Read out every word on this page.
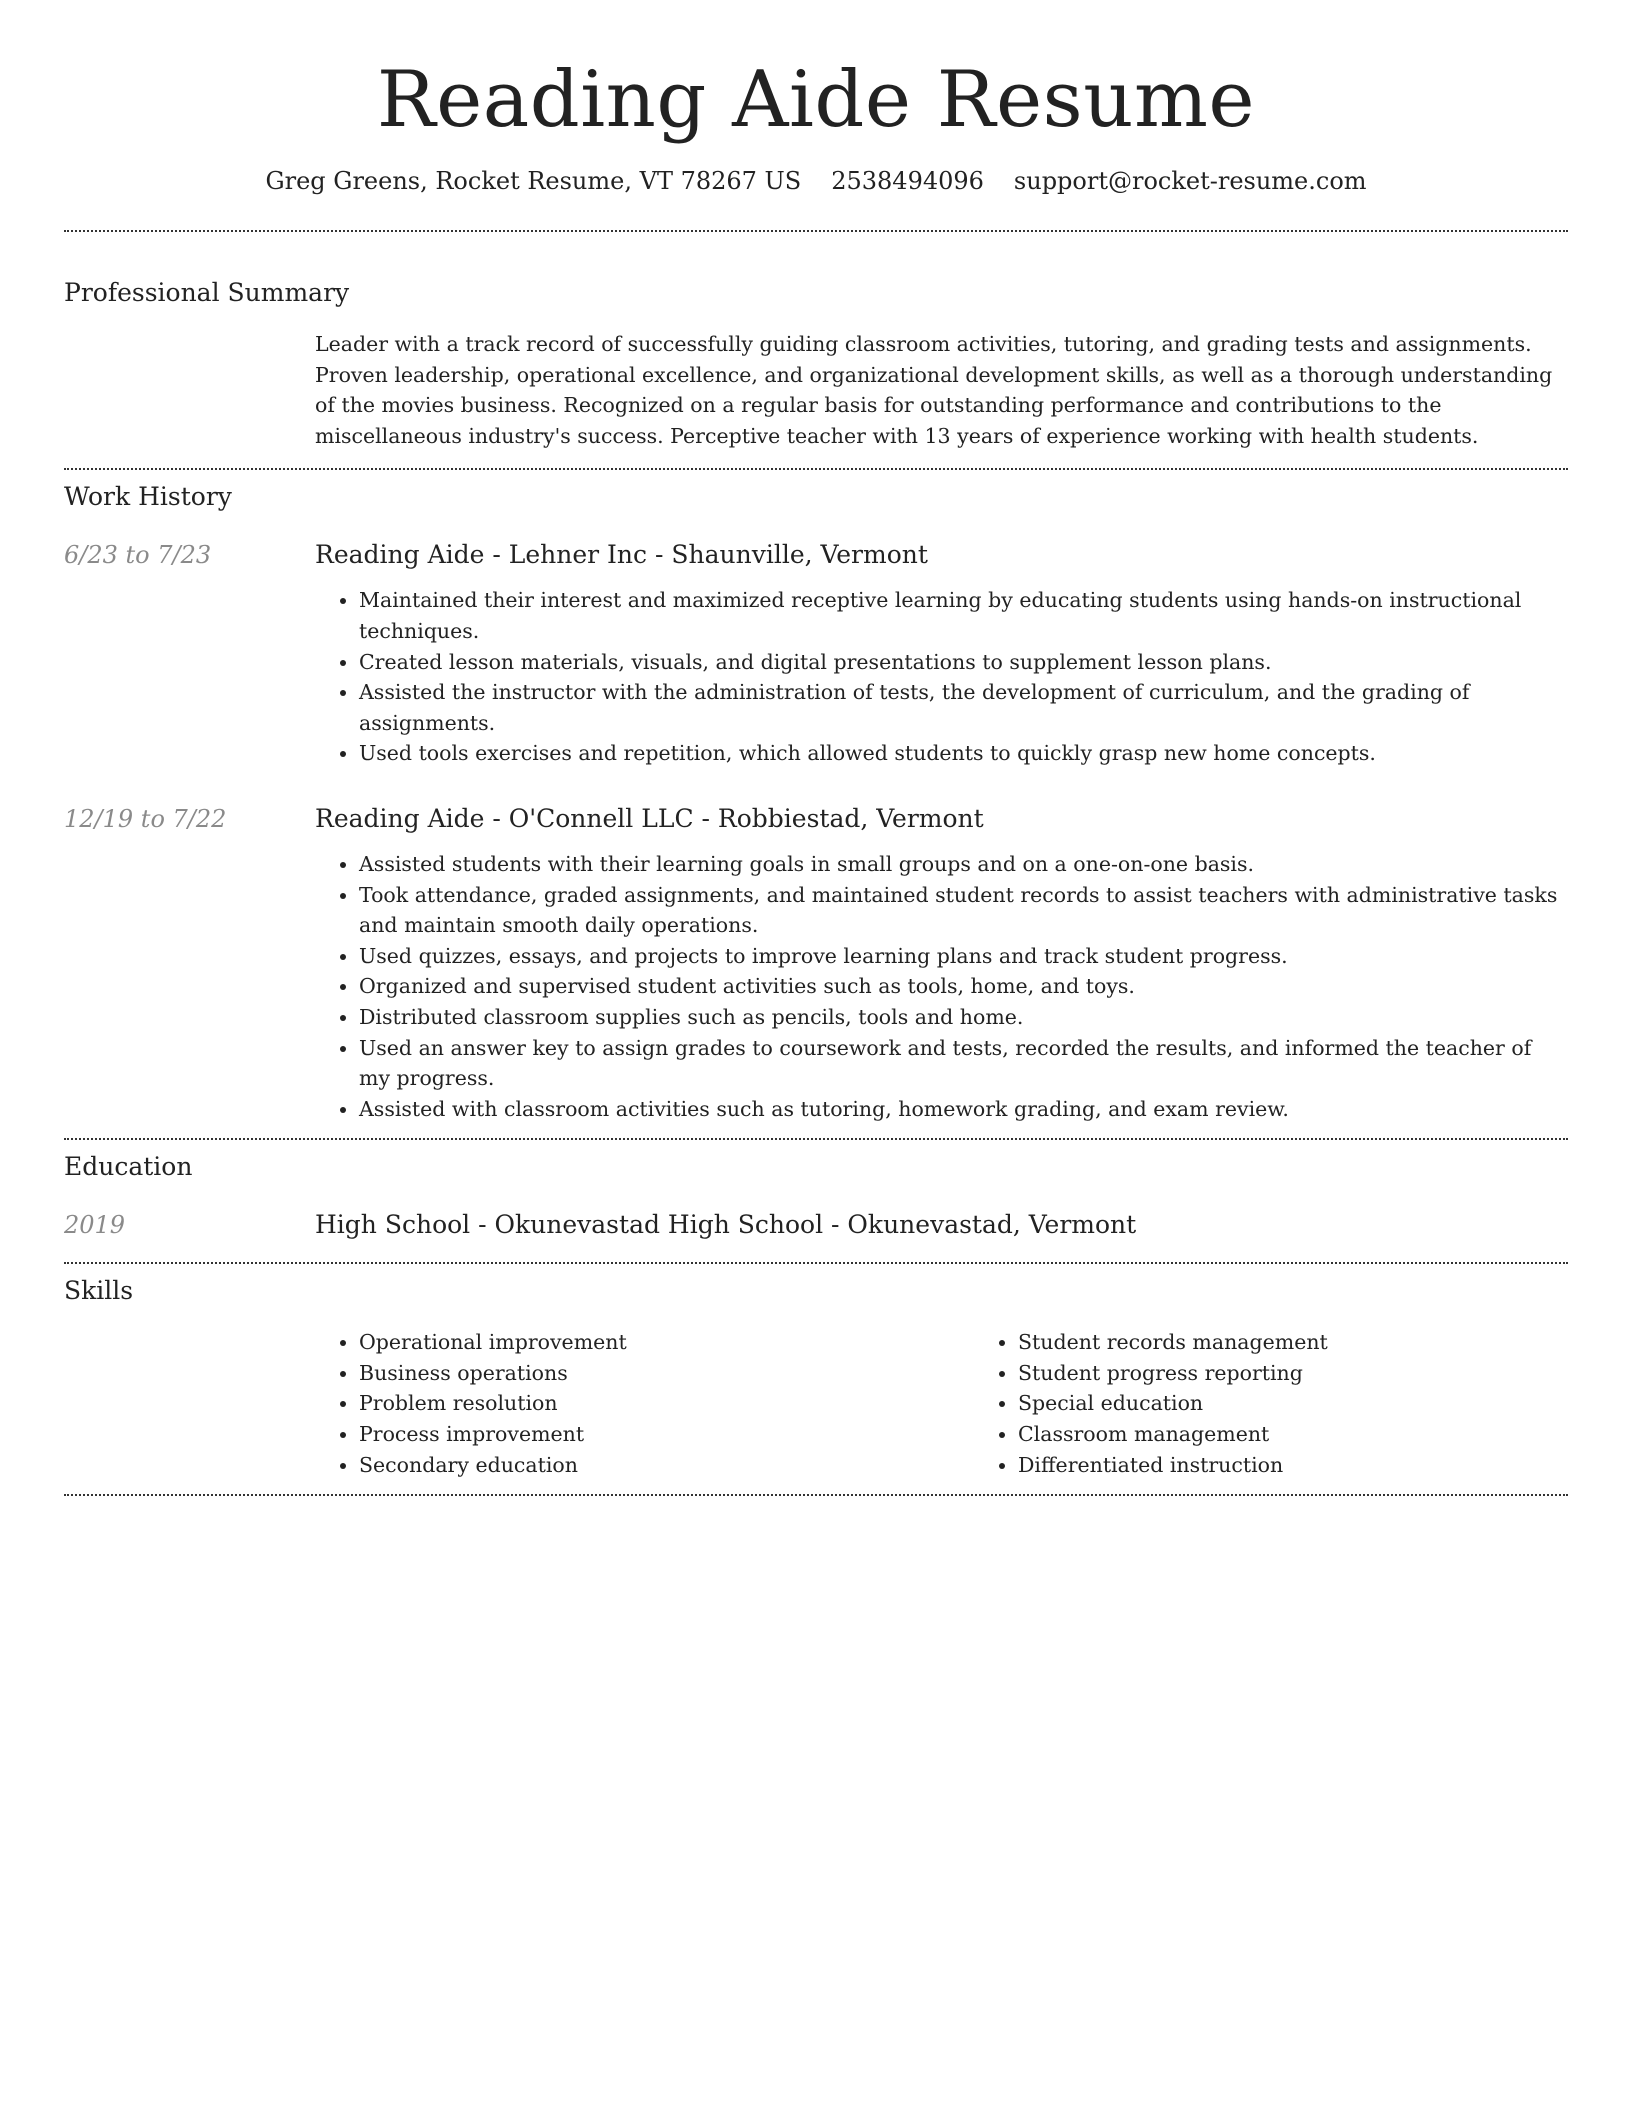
Reading Aide Resume
Greg Greens, Rocket Resume, VT 78267 US 2538494096 support@rocket-resume.com
Professional Summary

Leader with a track record of successfully guiding classroom activities, tutoring, and grading tests and assignments. Proven leadership, operational excellence, and organizational development skills, as well as a thorough understanding of the movies business. Recognized on a regular basis for outstanding performance and contributions to the miscellaneous industry's success. Perceptive teacher with 13 years of experience working with health students.

Work History
6/23 to 7/23	Reading Aide - Lehner Inc - Shaunville, Vermont
• Maintained their interest and maximized receptive learning by educating students using hands-on instructional techniques.
• Created lesson materials, visuals, and digital presentations to supplement lesson plans.
• Assisted the instructor with the administration of tests, the development of curriculum, and the grading of assignments.
• Used tools exercises and repetition, which allowed students to quickly grasp new home concepts.
12/19 to 7/22	Reading Aide - O'Connell LLC - Robbiestad, Vermont
• Assisted students with their learning goals in small groups and on a one-on-one basis.
• Took attendance, graded assignments, and maintained student records to assist teachers with administrative tasks and maintain smooth daily operations.
• Used quizzes, essays, and projects to improve learning plans and track student progress.
• Organized and supervised student activities such as tools, home, and toys.
• Distributed classroom supplies such as pencils, tools and home.
• Used an answer key to assign grades to coursework and tests, recorded the results, and informed the teacher of my progress.
• Assisted with classroom activities such as tutoring, homework grading, and exam review.
Education
2019	High School - Okunevastad High School - Okunevastad, Vermont
Skills
• Operational improvement
• Business operations
• Problem resolution
• Process improvement
• Secondary education
• Student records management
• Student progress reporting
• Special education
• Classroom management
• Differentiated instruction
